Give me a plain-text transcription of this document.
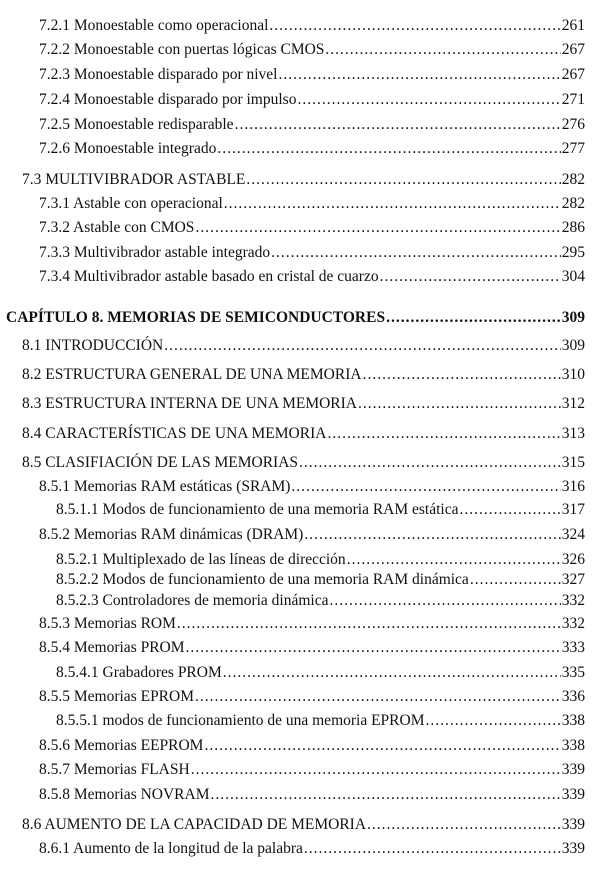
7.2.1 Monoestable como operacional .....	261
7.2.2 Monoestable con puertas lógicas CMOS .....	267
7.2.3 Monoestable disparado por nivel .....	267
7.2.4 Monoestable disparado por impulso .....	271
7.2.5 Monoestable redisparable .....	276
7.2.6 Monoestable integrado .....	277
7.3 MULTIVIBRADOR ASTABLE .....	282
7.3.1 Astable con operacional .....	282
7.3.2 Astable con CMOS .....	286
7.3.3 Multivibrador astable integrado .....	295
7.3.4 Multivibrador astable basado en cristal de cuarzo .....	304
CAPÍTULO 8. MEMORIAS DE SEMICONDUCTORES .....	309
8.1 INTRODUCCIÓN .....	309
8.2 ESTRUCTURA GENERAL DE UNA MEMORIA .....	310
8.3 ESTRUCTURA INTERNA DE UNA MEMORIA .....	312
8.4 CARACTERÍSTICAS DE UNA MEMORIA .....	313
8.5 CLASIFIACIÓN DE LAS MEMORIAS .....	315
8.5.1 Memorias RAM estáticas (SRAM) .....	316
8.5.1.1 Modos de funcionamiento de una memoria RAM estática .....	317
8.5.2 Memorias RAM dinámicas (DRAM) .....	324
8.5.2.1 Multiplexado de las líneas de dirección .....	326
8.5.2.2 Modos de funcionamiento de una memoria RAM dinámica .....	327
8.5.2.3 Controladores de memoria dinámica .....	332
8.5.3 Memorias ROM .....	332
8.5.4 Memorias PROM .....	333
8.5.4.1 Grabadores PROM .....	335
8.5.5 Memorias EPROM .....	336
8.5.5.1 modos de funcionamiento de una memoria EPROM .....	338
8.5.6 Memorias EEPROM .....	338
8.5.7 Memorias FLASH .....	339
8.5.8 Memorias NOVRAM .....	339
8.6 AUMENTO DE LA CAPACIDAD DE MEMORIA .....	339
8.6.1 Aumento de la longitud de la palabra .....	339
